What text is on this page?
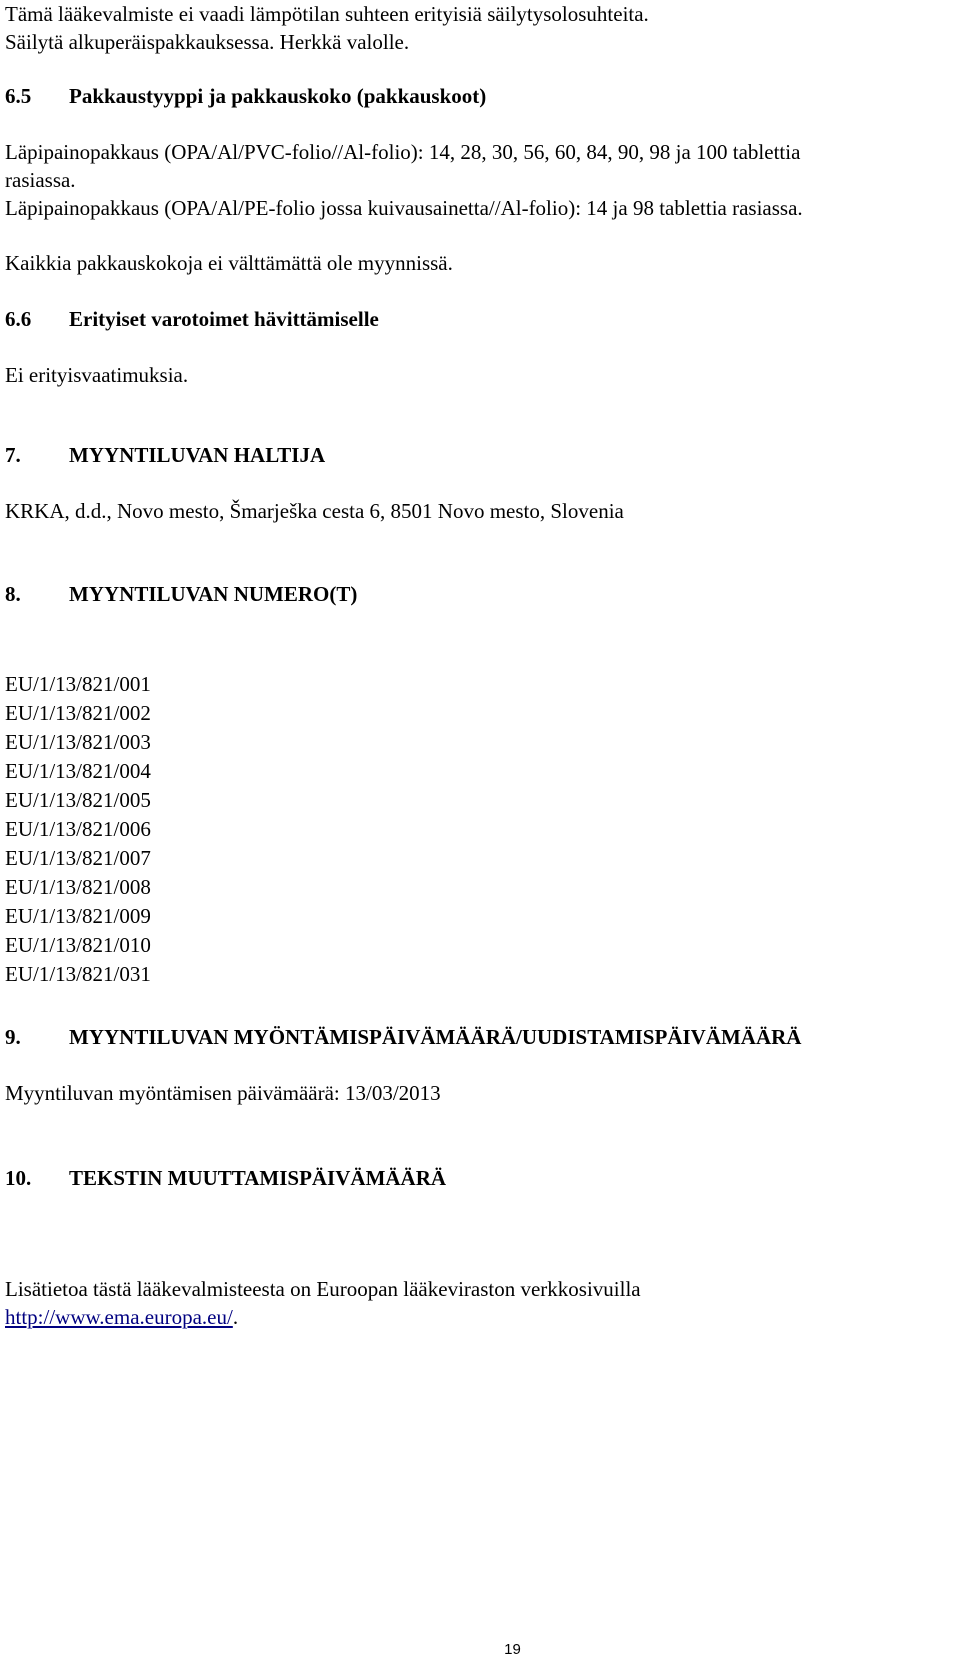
Tämä lääkevalmiste ei vaadi lämpötilan suhteen erityisiä säilytysolosuhteita.
Säilytä alkuperäispakkauksessa. Herkkä valolle.
6.5 Pakkaustyyppi ja pakkauskoko (pakkauskoot)
Läpipainopakkaus (OPA/Al/PVC-folio//Al-folio): 14, 28, 30, 56, 60, 84, 90, 98 ja 100 tablettia
rasiassa.
Läpipainopakkaus (OPA/Al/PE-folio jossa kuivausainetta//Al-folio): 14 ja 98 tablettia rasiassa.
Kaikkia pakkauskokoja ei välttämättä ole myynnissä.
6.6 Erityiset varotoimet hävittämiselle
Ei erityisvaatimuksia.
7. MYYNTILUVAN HALTIJA
KRKA, d.d., Novo mesto, Šmarješka cesta 6, 8501 Novo mesto, Slovenia
8. MYYNTILUVAN NUMERO(T)
EU/1/13/821/001
EU/1/13/821/002
EU/1/13/821/003
EU/1/13/821/004
EU/1/13/821/005
EU/1/13/821/006
EU/1/13/821/007
EU/1/13/821/008
EU/1/13/821/009
EU/1/13/821/010
EU/1/13/821/031
9. MYYNTILUVAN MYÖNTÄMISPÄIVÄMÄÄRÄ/UUDISTAMISPÄIVÄMÄÄRÄ
Myyntiluvan myöntämisen päivämäärä: 13/03/2013
10. TEKSTIN MUUTTAMISPÄIVÄMÄÄRÄ
Lisätietoa tästä lääkevalmisteesta on Euroopan lääkeviraston verkkosivuilla
http://www.ema.europa.eu/.
19
